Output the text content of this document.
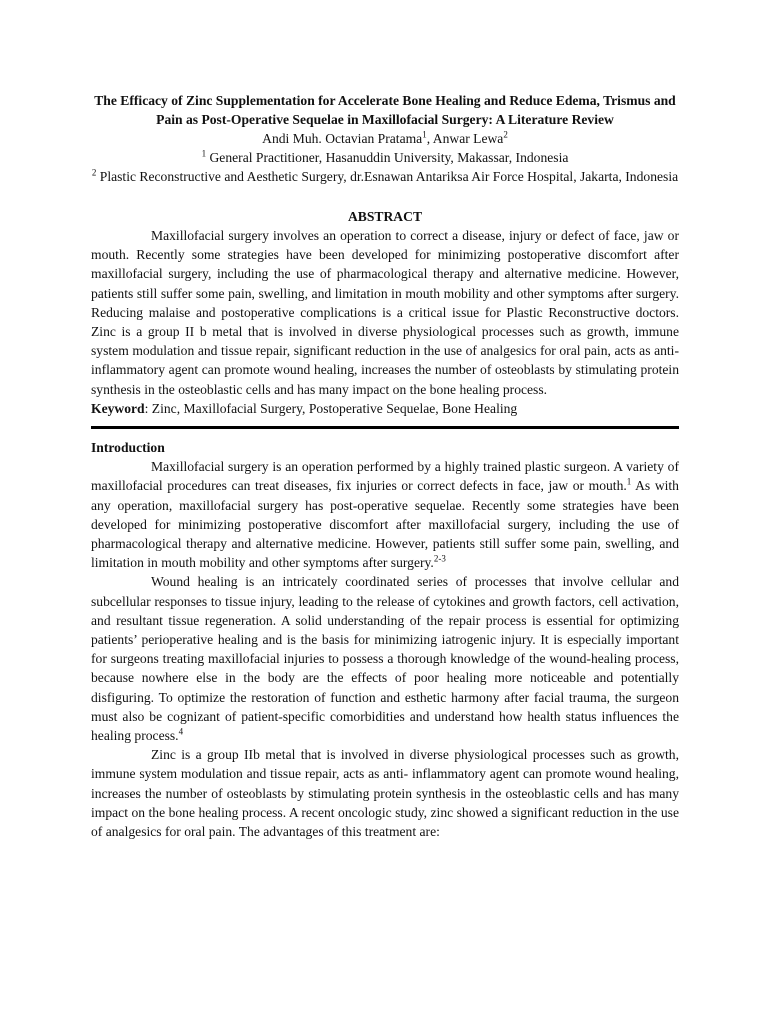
The Efficacy of Zinc Supplementation for Accelerate Bone Healing and Reduce Edema, Trismus and Pain as Post-Operative Sequelae in Maxillofacial Surgery: A Literature Review

Andi Muh. Octavian Pratama$^1$, Anwar Lewa$^2$

$^1$ General Practitioner, Hasanuddin University, Makassar, Indonesia

$^2$ Plastic Reconstructive and Aesthetic Surgery, dr.Esnawan Antariksa Air Force Hospital, Jakarta, Indonesia

ABSTRACT

Maxillofacial surgery involves an operation to correct a disease, injury or defect of face, jaw or mouth. Recently some strategies have been developed for minimizing postoperative discomfort after maxillofacial surgery, including the use of pharmacological therapy and alternative medicine. However, patients still suffer some pain, swelling, and limitation in mouth mobility and other symptoms after surgery. Reducing malaise and postoperative complications is a critical issue for Plastic Reconstructive doctors. Zinc is a group II b metal that is involved in diverse physiological processes such as growth, immune system modulation and tissue repair, significant reduction in the use of analgesics for oral pain, acts as anti- inflammatory agent can promote wound healing, increases the number of osteoblasts by stimulating protein synthesis in the osteoblastic cells and has many impact on the bone healing process.

Keyword: Zinc, Maxillofacial Surgery, Postoperative Sequelae, Bone Healing

Introduction

Maxillofacial surgery is an operation performed by a highly trained plastic surgeon. A variety of maxillofacial procedures can treat diseases, fix injuries or correct defects in face, jaw or mouth.$^1$ As with any operation, maxillofacial surgery has post-operative sequelae. Recently some strategies have been developed for minimizing postoperative discomfort after maxillofacial surgery, including the use of pharmacological therapy and alternative medicine. However, patients still suffer some pain, swelling, and limitation in mouth mobility and other symptoms after surgery.$^{2-3}$

Wound healing is an intricately coordinated series of processes that involve cellular and subcellular responses to tissue injury, leading to the release of cytokines and growth factors, cell activation, and resultant tissue regeneration. A solid understanding of the repair process is essential for optimizing patients’ perioperative healing and is the basis for minimizing iatrogenic injury. It is especially important for surgeons treating maxillofacial injuries to possess a thorough knowledge of the wound-healing process, because nowhere else in the body are the effects of poor healing more noticeable and potentially disfiguring. To optimize the restoration of function and esthetic harmony after facial trauma, the surgeon must also be cognizant of patient-specific comorbidities and understand how health status influences the healing process.$^4$

Zinc is a group IIb metal that is involved in diverse physiological processes such as growth, immune system modulation and tissue repair, acts as anti- inflammatory agent can promote wound healing, increases the number of osteoblasts by stimulating protein synthesis in the osteoblastic cells and has many impact on the bone healing process. A recent oncologic study, zinc showed a significant reduction in the use of analgesics for oral pain. The advantages of this treatment are:
